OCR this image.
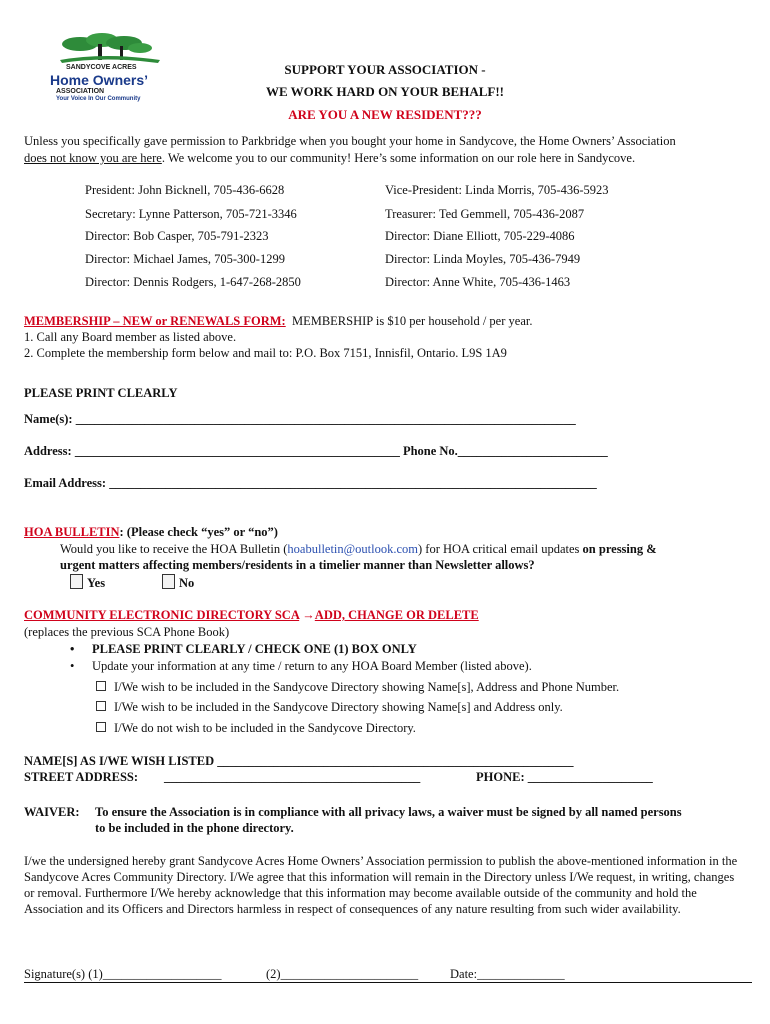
SANDYCOVE ACRES
Home Owners’
ASSOCIATION
Your Voice In Our Community
SUPPORT YOUR ASSOCIATION -
WE WORK HARD ON YOUR BEHALF!!
ARE YOU A NEW RESIDENT???
Unless you specifically gave permission to Parkbridge when you bought your home in Sandycove, the Home Owners’ Association
does not know you are here. We welcome you to our community! Here’s some information on our role here in Sandycove.
President: John Bicknell, 705-436-6628	Vice-President: Linda Morris, 705-436-5923
Secretary: Lynne Patterson, 705-721-3346	Treasurer: Ted Gemmell, 705-436-2087
Director: Bob Casper, 705-791-2323	Director: Diane Elliott, 705-229-4086
Director: Michael James, 705-300-1299	Director: Linda Moyles, 705-436-7949
Director: Dennis Rodgers, 1-647-268-2850	Director: Anne White, 705-436-1463
MEMBERSHIP – NEW or RENEWALS FORM: MEMBERSHIP is $10 per household / per year.
1. Call any Board member as listed above.
2. Complete the membership form below and mail to: P.O. Box 7151, Innisfil, Ontario. L9S 1A9
PLEASE PRINT CLEARLY
Name(s): ________________________________________________________________________________
Address: ____________________________________________________ Phone No.________________________
Email Address: ______________________________________________________________________________
HOA BULLETIN: (Please check “yes” or “no”)
Would you like to receive the HOA Bulletin (hoabulletin@outlook.com) for HOA critical email updates on pressing &
urgent matters affecting members/residents in a timelier manner than Newsletter allows?
Yes	No
COMMUNITY ELECTRONIC DIRECTORY SCA →ADD, CHANGE OR DELETE
(replaces the previous SCA Phone Book)
• PLEASE PRINT CLEARLY / CHECK ONE (1) BOX ONLY
• Update your information at any time / return to any HOA Board Member (listed above).
I/We wish to be included in the Sandycove Directory showing Name[s], Address and Phone Number.
I/We wish to be included in the Sandycove Directory showing Name[s] and Address only.
I/We do not wish to be included in the Sandycove Directory.
NAME[S] AS I/WE WISH LISTED _________________________________________________________
STREET ADDRESS: _________________________________________	PHONE: ____________________
WAIVER: To ensure the Association is in compliance with all privacy laws, a waiver must be signed by all named persons
to be included in the phone directory.
I/we the undersigned hereby grant Sandycove Acres Home Owners’ Association permission to publish the above-mentioned information in the Sandycove Acres Community Directory. I/We agree that this information will remain in the Directory unless I/We request, in writing, changes or removal. Furthermore I/We hereby acknowledge that this information may become available outside of the community and hold the Association and its Officers and Directors harmless in respect of consequences of any nature resulting from such wider availability.
Signature(s) (1)___________________	(2)______________________	Date:______________
